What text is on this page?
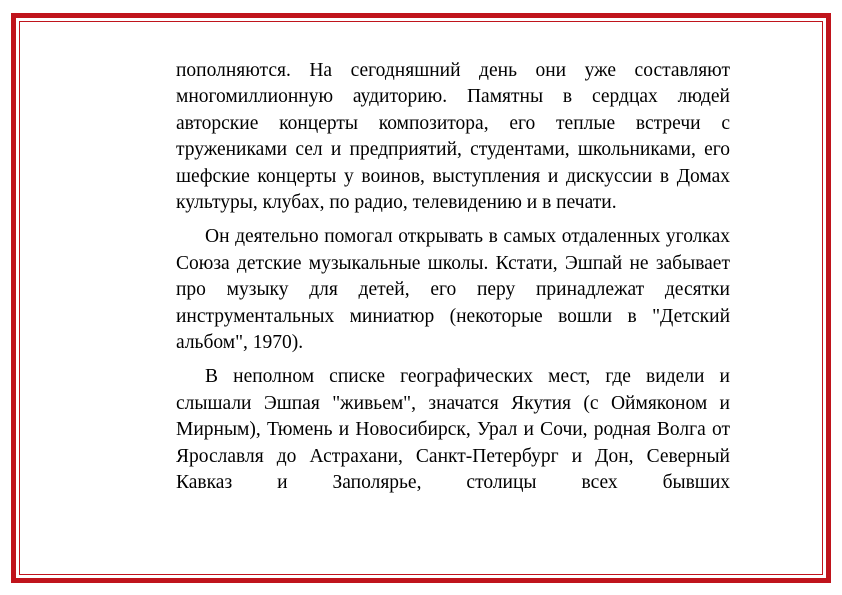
пополняются. На сегодняшний день они уже составляют многомиллионную аудиторию. Памятны в сердцах людей авторские концерты композитора, его теплые встречи с тружениками сел и предприятий, студентами, школьниками, его шефские концерты у воинов, выступления и дискуссии в Домах культуры, клубах, по радио, телевидению и в печати.

Он деятельно помогал открывать в самых отдаленных уголках Союза детские музыкальные школы. Кстати, Эшпай не забывает про музыку для детей, его перу принадлежат десятки инструментальных миниатюр (некоторые вошли в "Детский альбом", 1970).

В неполном списке географических мест, где видели и слышали Эшпая "живьем", значатся Якутия (с Оймяконом и Мирным), Тюмень и Новосибирск, Урал и Сочи, родная Волга от Ярославля до Астрахани, Санкт-Петербург и Дон, Северный Кавказ и Заполярье, столицы всех бывших
